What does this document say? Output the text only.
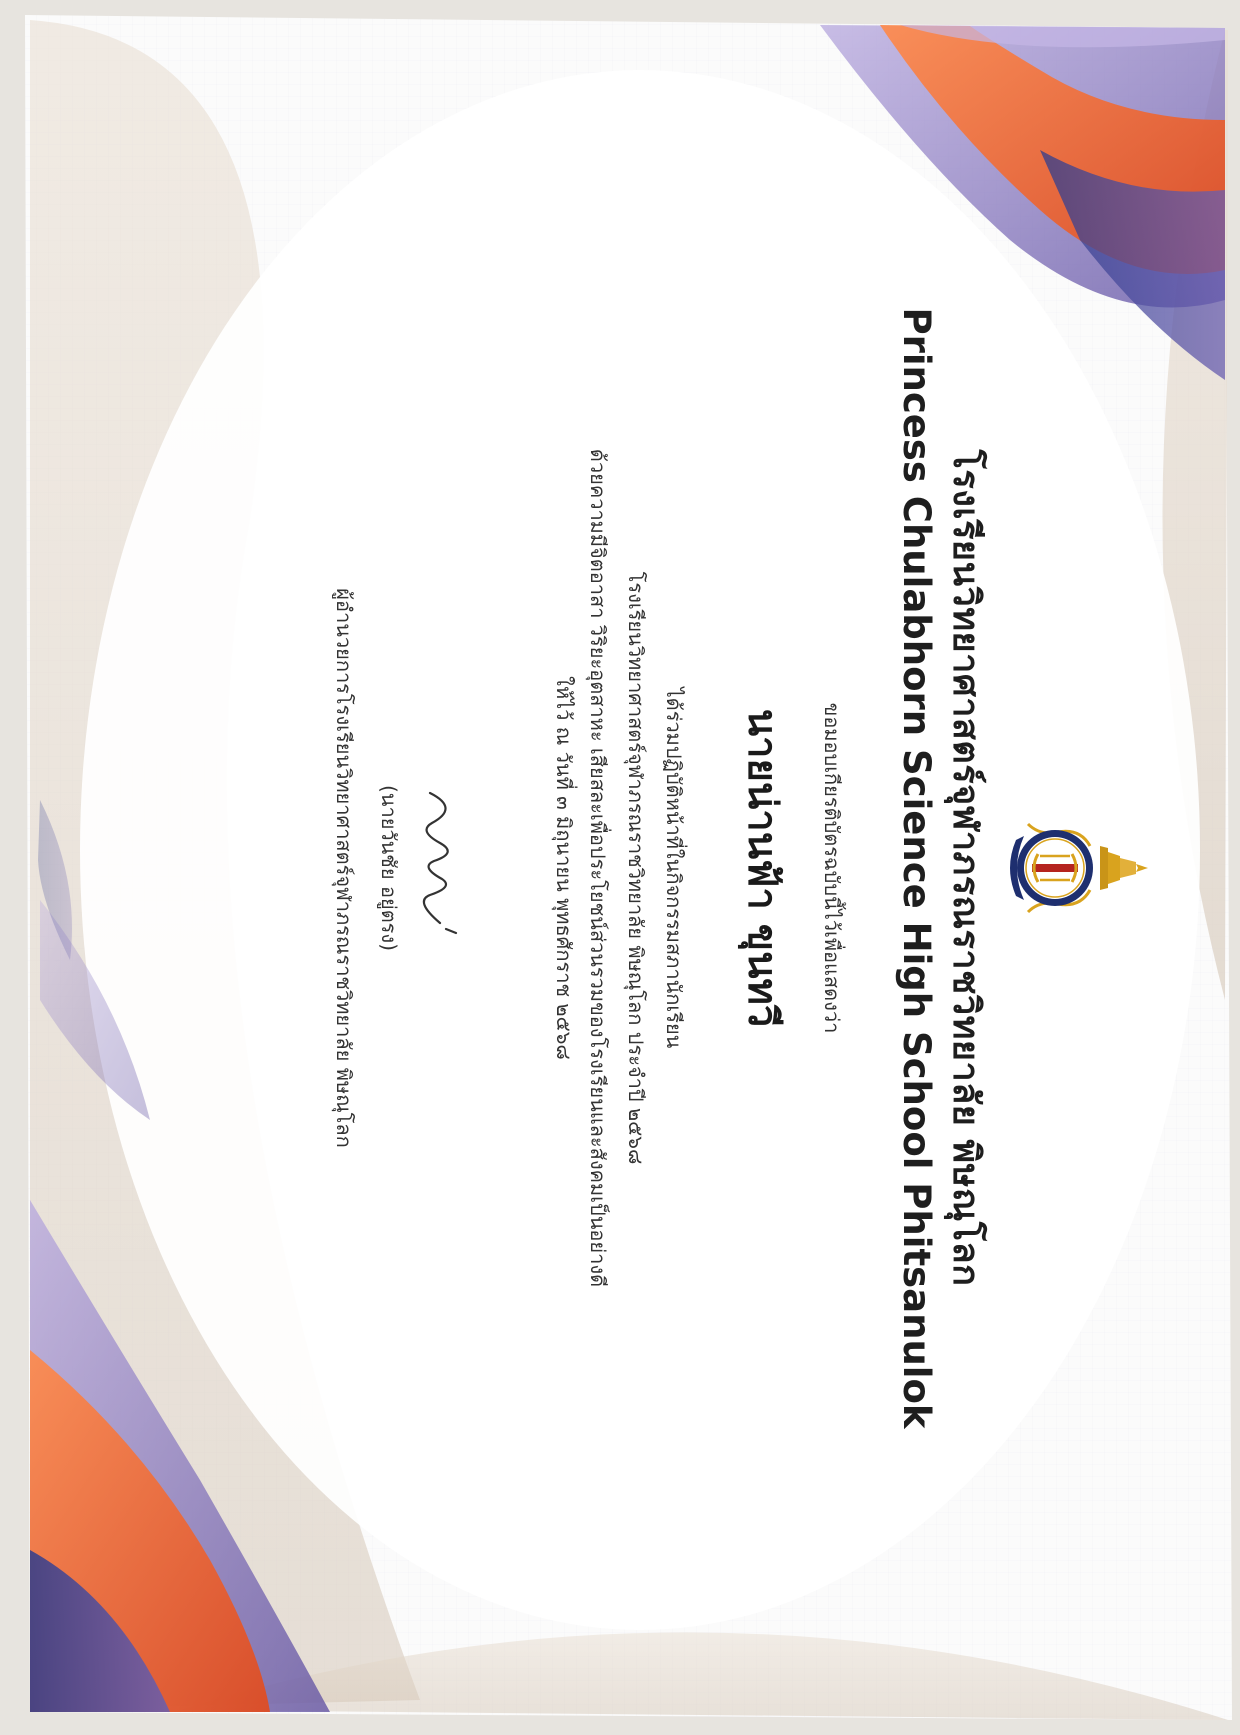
โรงเรียนวิทยาศาสตร์จุฬาภรณราชวิทยาลัย พิษณุโลก
Princess Chulabhorn Science High School Phitsanulok
ขอมอบเกียรติบัตรฉบับนี้ไว้เพื่อแสดงว่า
นายน่านฟ้า ขุนทวี
ได้ร่วมปฏิบัติหน้าที่ในกิจกรรมสภานักเรียน
โรงเรียนวิทยาศาสตร์จุฬาภรณราชวิทยาลัย พิษณุโลก ประจำปี ๒๕๖๘
ด้วยความมีจิตอาสา วิริยะอุตสาหะ เสียสละเพื่อประโยชน์ส่วนรวมของโรงเรียนและสังคมเป็นอย่างดี
ให้ไว้ ณ วันที่ ๓ มิถุนายน พุทธศักราช ๒๕๖๘
(นายวันชัย อยู่ตรง)
ผู้อำนวยการโรงเรียนวิทยาศาสตร์จุฬาภรณราชวิทยาลัย พิษณุโลก
